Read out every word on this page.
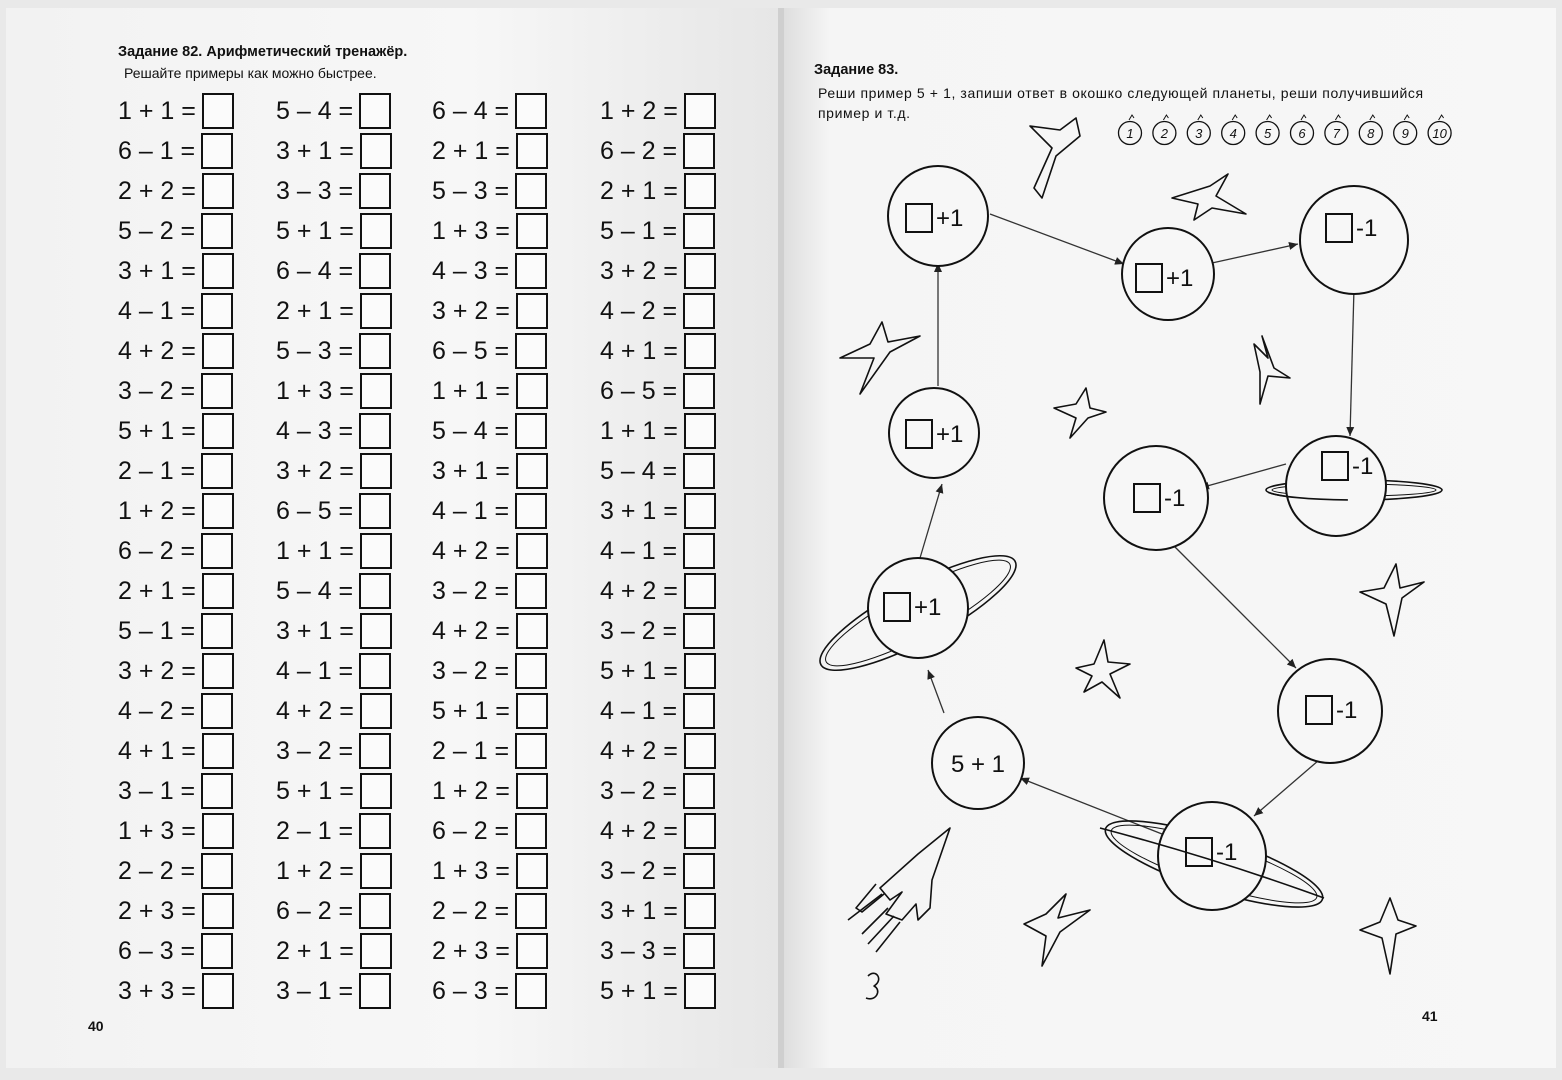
Задание 82. Арифметический тренажёр.
Решайте примеры как можно быстрее.
1 + 1 =
6 – 1 =
2 + 2 =
5 – 2 =
3 + 1 =
4 – 1 =
4 + 2 =
3 – 2 =
5 + 1 =
2 – 1 =
1 + 2 =
6 – 2 =
2 + 1 =
5 – 1 =
3 + 2 =
4 – 2 =
4 + 1 =
3 – 1 =
1 + 3 =
2 – 2 =
2 + 3 =
6 – 3 =
3 + 3 =
5 – 4 =
3 + 1 =
3 – 3 =
5 + 1 =
6 – 4 =
2 + 1 =
5 – 3 =
1 + 3 =
4 – 3 =
3 + 2 =
6 – 5 =
1 + 1 =
5 – 4 =
3 + 1 =
4 – 1 =
4 + 2 =
3 – 2 =
5 + 1 =
2 – 1 =
1 + 2 =
6 – 2 =
2 + 1 =
3 – 1 =
6 – 4 =
2 + 1 =
5 – 3 =
1 + 3 =
4 – 3 =
3 + 2 =
6 – 5 =
1 + 1 =
5 – 4 =
3 + 1 =
4 – 1 =
4 + 2 =
3 – 2 =
4 + 2 =
3 – 2 =
5 + 1 =
2 – 1 =
1 + 2 =
6 – 2 =
1 + 3 =
2 – 2 =
2 + 3 =
6 – 3 =
1 + 2 =
6 – 2 =
2 + 1 =
5 – 1 =
3 + 2 =
4 – 2 =
4 + 1 =
6 – 5 =
1 + 1 =
5 – 4 =
3 + 1 =
4 – 1 =
4 + 2 =
3 – 2 =
5 + 1 =
4 – 1 =
4 + 2 =
3 – 2 =
4 + 2 =
3 – 2 =
3 + 1 =
3 – 3 =
5 + 1 =
40
Задание 83.
Реши пример 5 + 1, запиши ответ в окошко следующей планеты, реши получившийся пример и т.д.
1 2 3 4 5 6 7 8 9 10
5 + 1
+1
+1
+1
+1
-1
-1
-1
-1
-1
41
